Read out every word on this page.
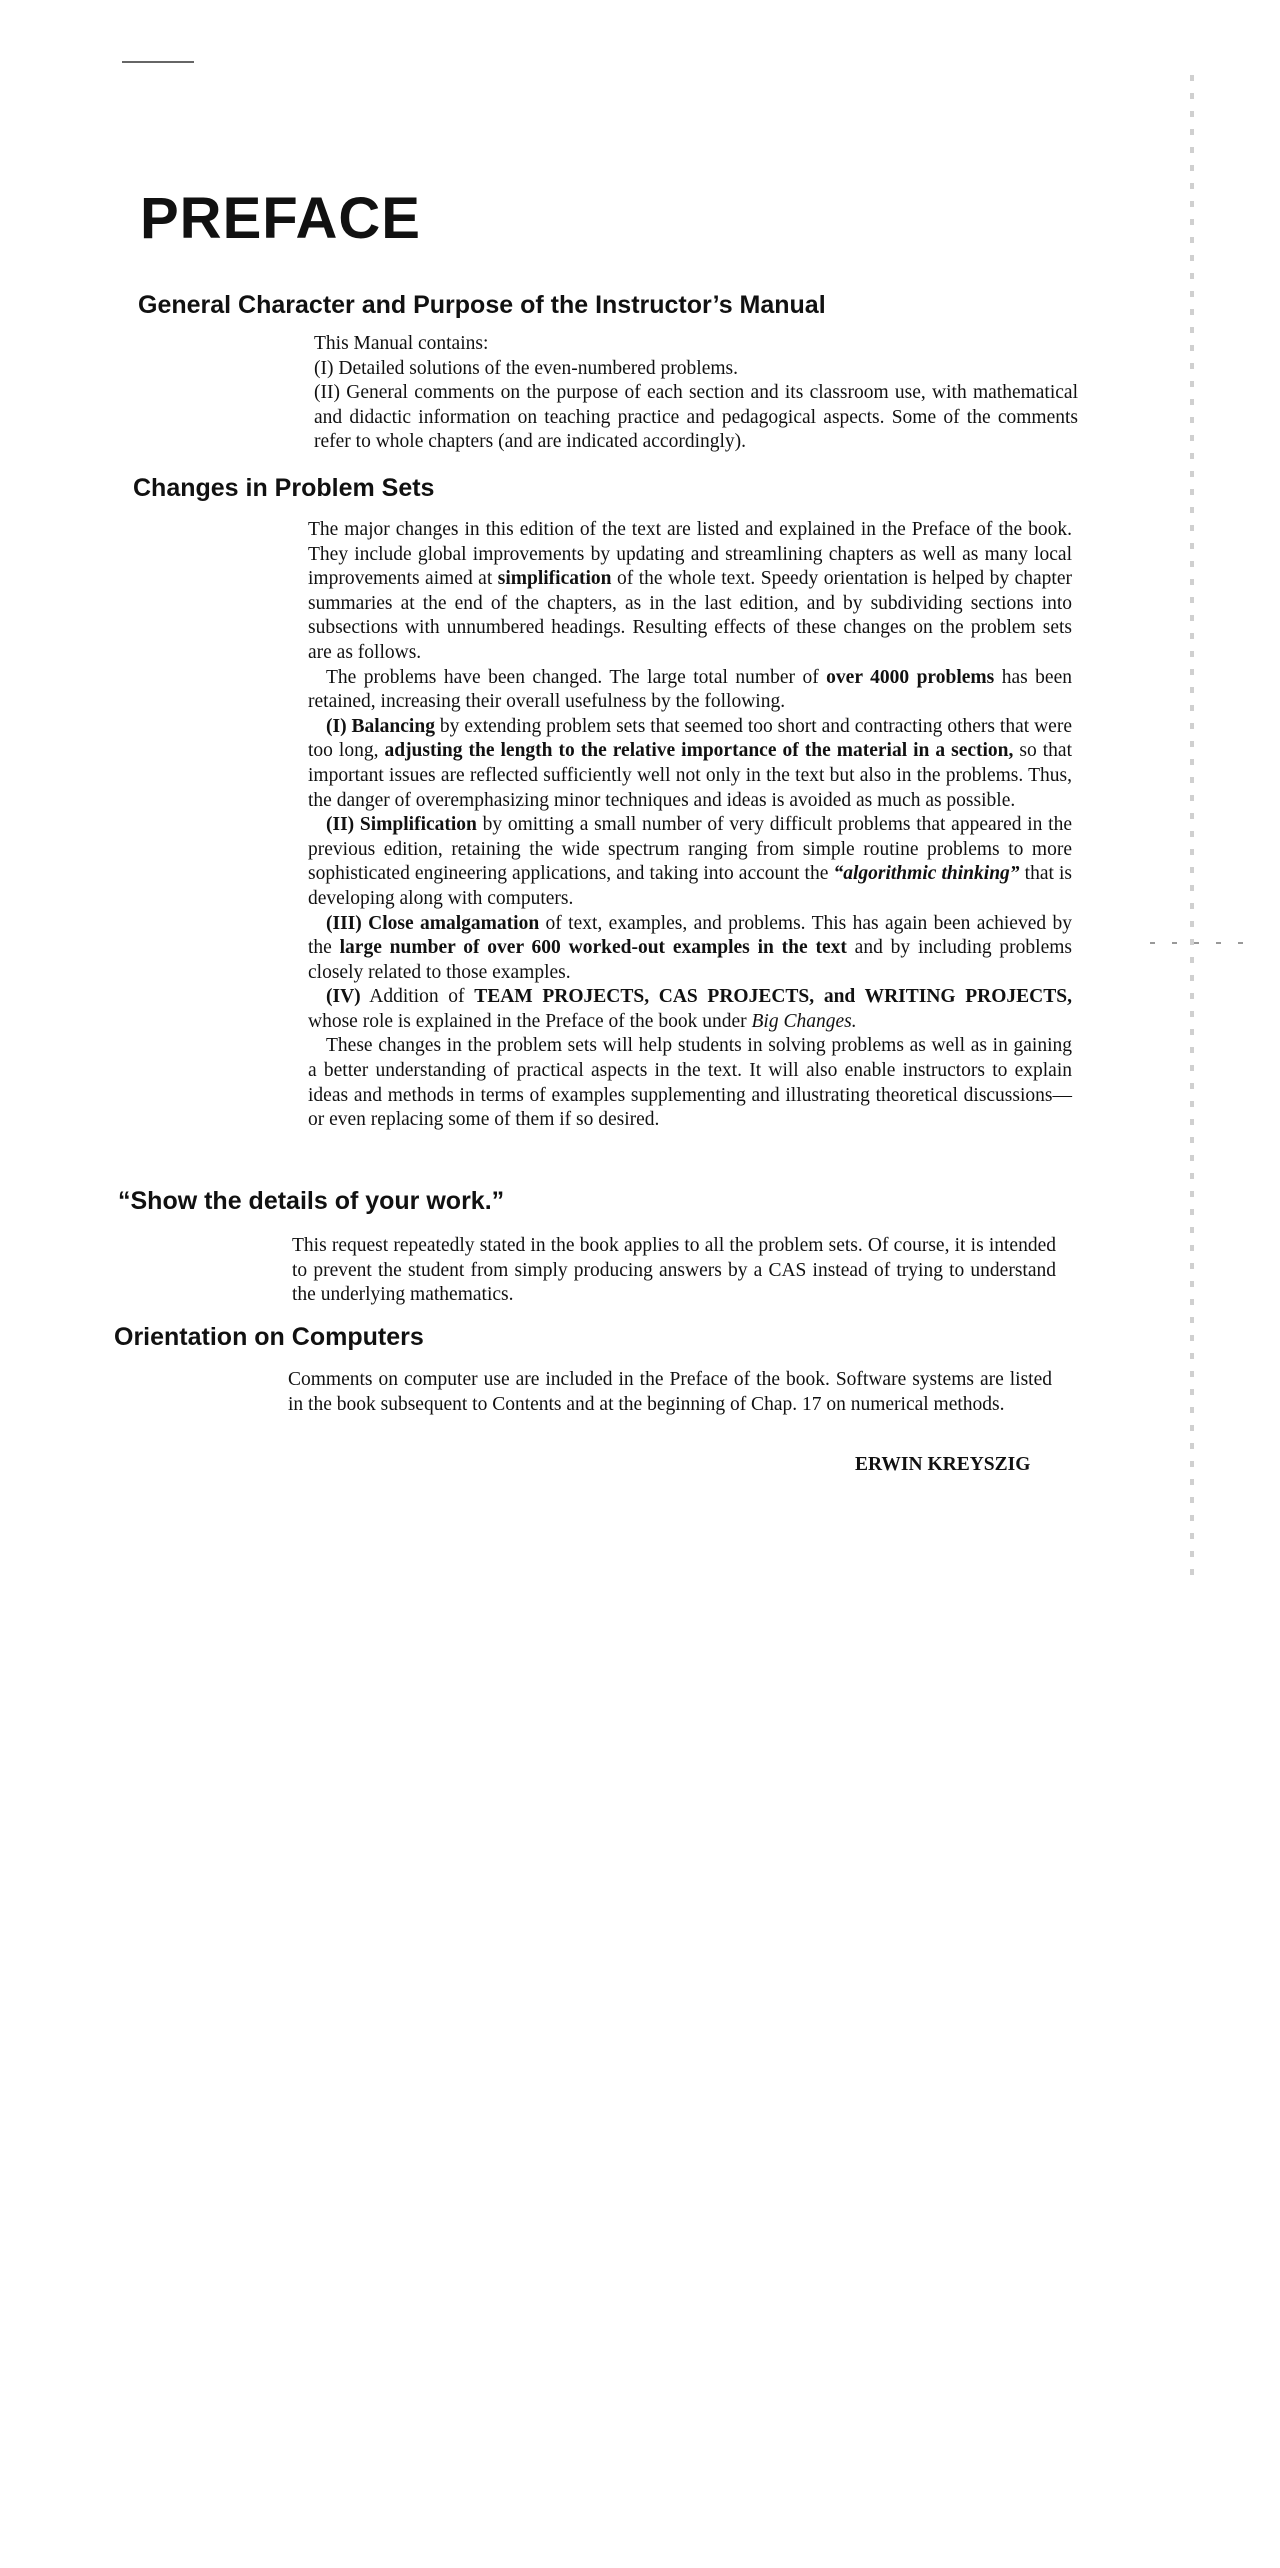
PREFACE
General Character and Purpose of the Instructor’s Manual

This Manual contains:

(I) Detailed solutions of the even-numbered problems.

(II) General comments on the purpose of each section and its classroom use, with mathematical and didactic information on teaching practice and pedagogical aspects. Some of the comments refer to whole chapters (and are indicated accordingly).

Changes in Problem Sets

The major changes in this edition of the text are listed and explained in the Preface of the book. They include global improvements by updating and streamlining chapters as well as many local improvements aimed at simplification of the whole text. Speedy orientation is helped by chapter summaries at the end of the chapters, as in the last edition, and by subdividing sections into subsections with unnumbered headings. Resulting effects of these changes on the problem sets are as follows.

The problems have been changed. The large total number of over 4000 problems has been retained, increasing their overall usefulness by the following.

(I) Balancing by extending problem sets that seemed too short and contracting others that were too long, adjusting the length to the relative importance of the material in a section, so that important issues are reflected sufficiently well not only in the text but also in the problems. Thus, the danger of overemphasizing minor techniques and ideas is avoided as much as possible.

(II) Simplification by omitting a small number of very difficult problems that appeared in the previous edition, retaining the wide spectrum ranging from simple routine problems to more sophisticated engineering applications, and taking into account the “algorithmic thinking” that is developing along with computers.

(III) Close amalgamation of text, examples, and problems. This has again been achieved by the large number of over 600 worked-out examples in the text and by including problems closely related to those examples.

(IV) Addition of TEAM PROJECTS, CAS PROJECTS, and WRITING PROJECTS, whose role is explained in the Preface of the book under Big Changes.

These changes in the problem sets will help students in solving problems as well as in gaining a better understanding of practical aspects in the text. It will also enable instructors to explain ideas and methods in terms of examples supplementing and illustrating theoretical discussions—or even replacing some of them if so desired.

“Show the details of your work.”

This request repeatedly stated in the book applies to all the problem sets. Of course, it is intended to prevent the student from simply producing answers by a CAS instead of trying to understand the underlying mathematics.

Orientation on Computers

Comments on computer use are included in the Preface of the book. Software systems are listed in the book subsequent to Contents and at the beginning of Chap. 17 on numerical methods.

ERWIN KREYSZIG
